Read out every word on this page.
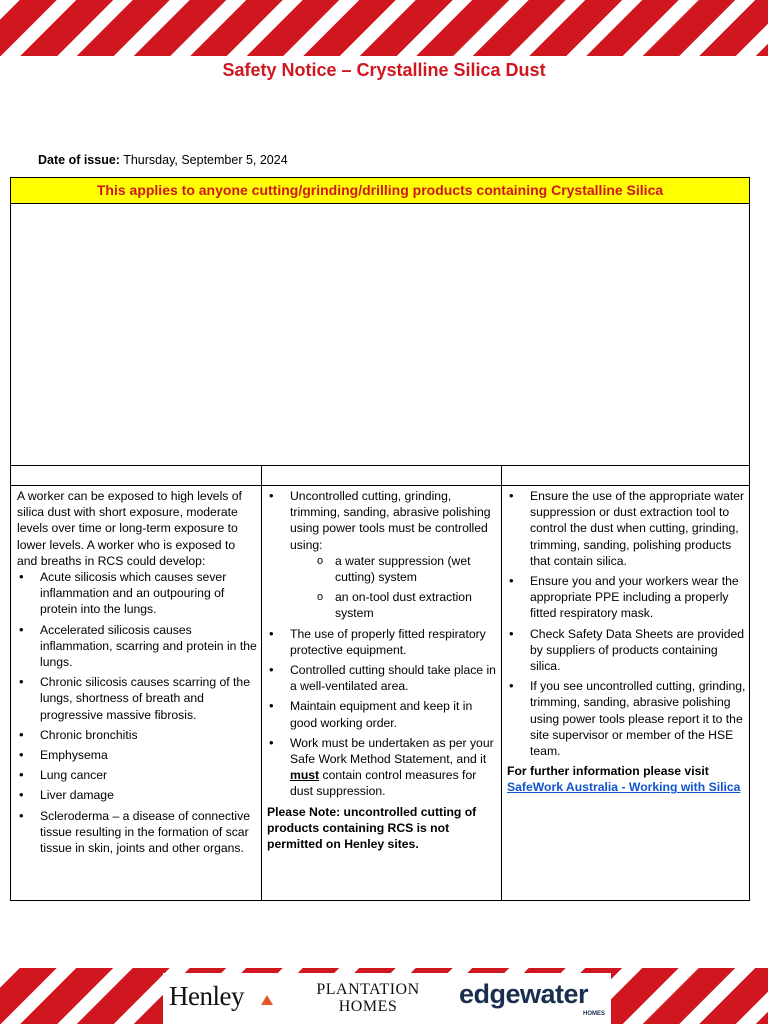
Safety Notice – Crystalline Silica Dust
Date of issue: Thursday, September 5, 2024
This applies to anyone cutting/grinding/drilling products containing Crystalline Silica

A worker can be exposed to high levels of silica dust with short exposure, moderate levels over time or long-term exposure to lower levels. A worker who is exposed to and breaths in RCS could develop:

• Acute silicosis which causes sever inflammation and an outpouring of protein into the lungs.
• Accelerated silicosis causes inflammation, scarring and protein in the lungs.
• Chronic silicosis causes scarring of the lungs, shortness of breath and progressive massive fibrosis.
• Chronic bronchitis
• Emphysema
• Lung cancer
• Liver damage
• Scleroderma – a disease of connective tissue resulting in the formation of scar tissue in skin, joints and other organs.
• Uncontrolled cutting, grinding, trimming, sanding, abrasive polishing using power tools must be controlled using:
o a water suppression (wet cutting) system
o an on-tool dust extraction system
• The use of properly fitted respiratory protective equipment.
• Controlled cutting should take place in a well-ventilated area.
• Maintain equipment and keep it in good working order.
• Work must be undertaken as per your Safe Work Method Statement, and it must contain control measures for dust suppression.

Please Note: uncontrolled cutting of products containing RCS is not permitted on Henley sites.

• Ensure the use of the appropriate water suppression or dust extraction tool to control the dust when cutting, grinding, trimming, sanding, polishing products that contain silica.
• Ensure you and your workers wear the appropriate PPE including a properly fitted respiratory mask.
• Check Safety Data Sheets are provided by suppliers of products containing silica.
• If you see uncontrolled cutting, grinding, trimming, sanding, abrasive polishing using power tools please report it to the site supervisor or member of the HSE team.

For further information please visit

SafeWork Australia - Working with Silica

Henley	PLANTATION
HOMES	edgewater
HOMES
